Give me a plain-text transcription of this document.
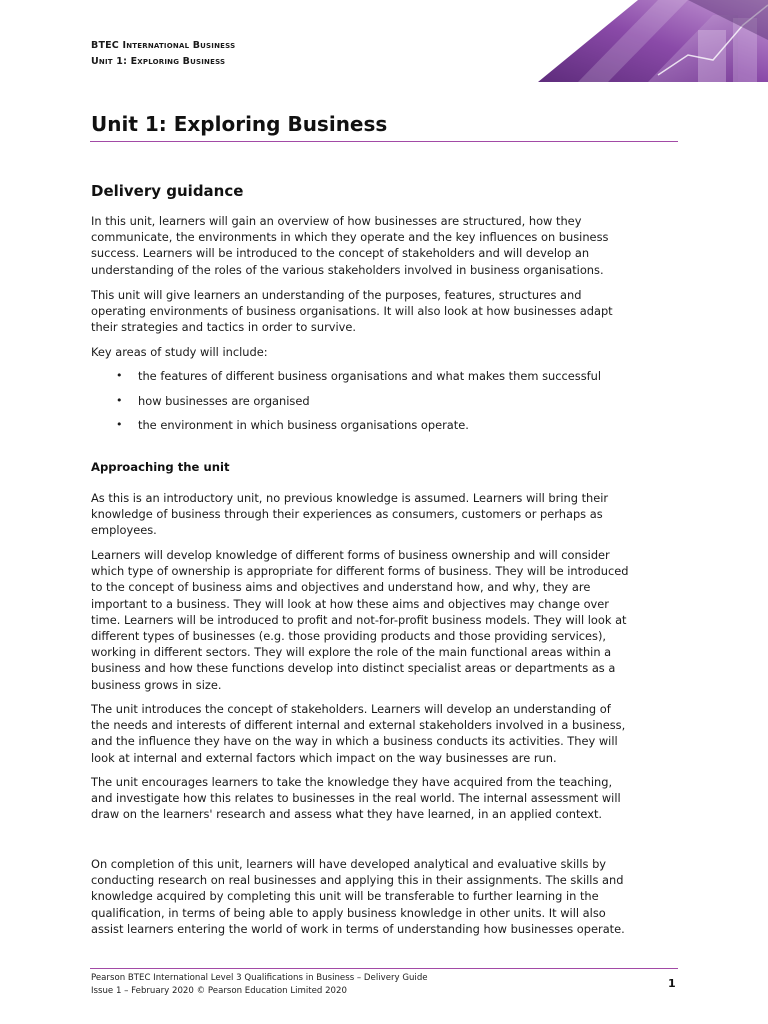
BTEC International Business
Unit 1: Exploring Business
Unit 1: Exploring Business
Delivery guidance

In this unit, learners will gain an overview of how businesses are structured, how they communicate, the environments in which they operate and the key influences on business success. Learners will be introduced to the concept of stakeholders and will develop an understanding of the roles of the various stakeholders involved in business organisations.

This unit will give learners an understanding of the purposes, features, structures and operating environments of business organisations. It will also look at how businesses adapt their strategies and tactics in order to survive.

Key areas of study will include:

• the features of different business organisations and what makes them successful
• how businesses are organised
• the environment in which business organisations operate.
Approaching the unit

As this is an introductory unit, no previous knowledge is assumed. Learners will bring their knowledge of business through their experiences as consumers, customers or perhaps as employees.

Learners will develop knowledge of different forms of business ownership and will consider which type of ownership is appropriate for different forms of business. They will be introduced to the concept of business aims and objectives and understand how, and why, they are important to a business. They will look at how these aims and objectives may change over time. Learners will be introduced to profit and not-for-profit business models. They will look at different types of businesses (e.g. those providing products and those providing services), working in different sectors. They will explore the role of the main functional areas within a business and how these functions develop into distinct specialist areas or departments as a business grows in size.

The unit introduces the concept of stakeholders. Learners will develop an understanding of the needs and interests of different internal and external stakeholders involved in a business, and the influence they have on the way in which a business conducts its activities. They will look at internal and external factors which impact on the way businesses are run.

The unit encourages learners to take the knowledge they have acquired from the teaching, and investigate how this relates to businesses in the real world. The internal assessment will draw on the learners' research and assess what they have learned, in an applied context.

On completion of this unit, learners will have developed analytical and evaluative skills by conducting research on real businesses and applying this in their assignments. The skills and knowledge acquired by completing this unit will be transferable to further learning in the qualification, in terms of being able to apply business knowledge in other units. It will also assist learners entering the world of work in terms of understanding how businesses operate.

Pearson BTEC International Level 3 Qualifications in Business – Delivery Guide
Issue 1 – February 2020 © Pearson Education Limited 2020
1
